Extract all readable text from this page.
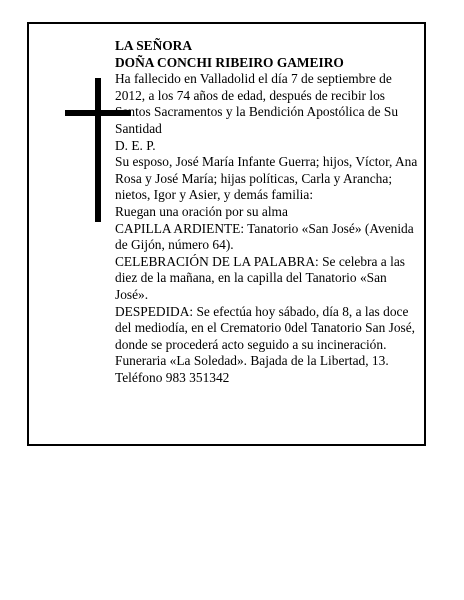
LA SEÑORA

DOÑA CONCHI RIBEIRO GAMEIRO

Ha fallecido en Valladolid el día 7 de septiembre de 2012, a los 74 años de edad, después de recibir los Santos Sacramentos y la Bendición Apostólica de Su Santidad

D. E. P.

Su esposo, José María Infante Guerra; hijos, Víctor, Ana Rosa y José María; hijas políticas, Carla y Arancha; nietos, Igor y Asier, y demás familia:

Ruegan una oración por su alma

CAPILLA ARDIENTE: Tanatorio «San José» (Avenida de Gijón, número 64).

CELEBRACIÓN DE LA PALABRA: Se celebra a las diez de la mañana, en la capilla del Tanatorio «San José».

DESPEDIDA: Se efectúa hoy sábado, día 8, a las doce del mediodía, en el Crematorio 0del Tanatorio San José, donde se procederá acto seguido a su incineración.

Funeraria «La Soledad». Bajada de la Libertad, 13.

Teléfono 983 351342
